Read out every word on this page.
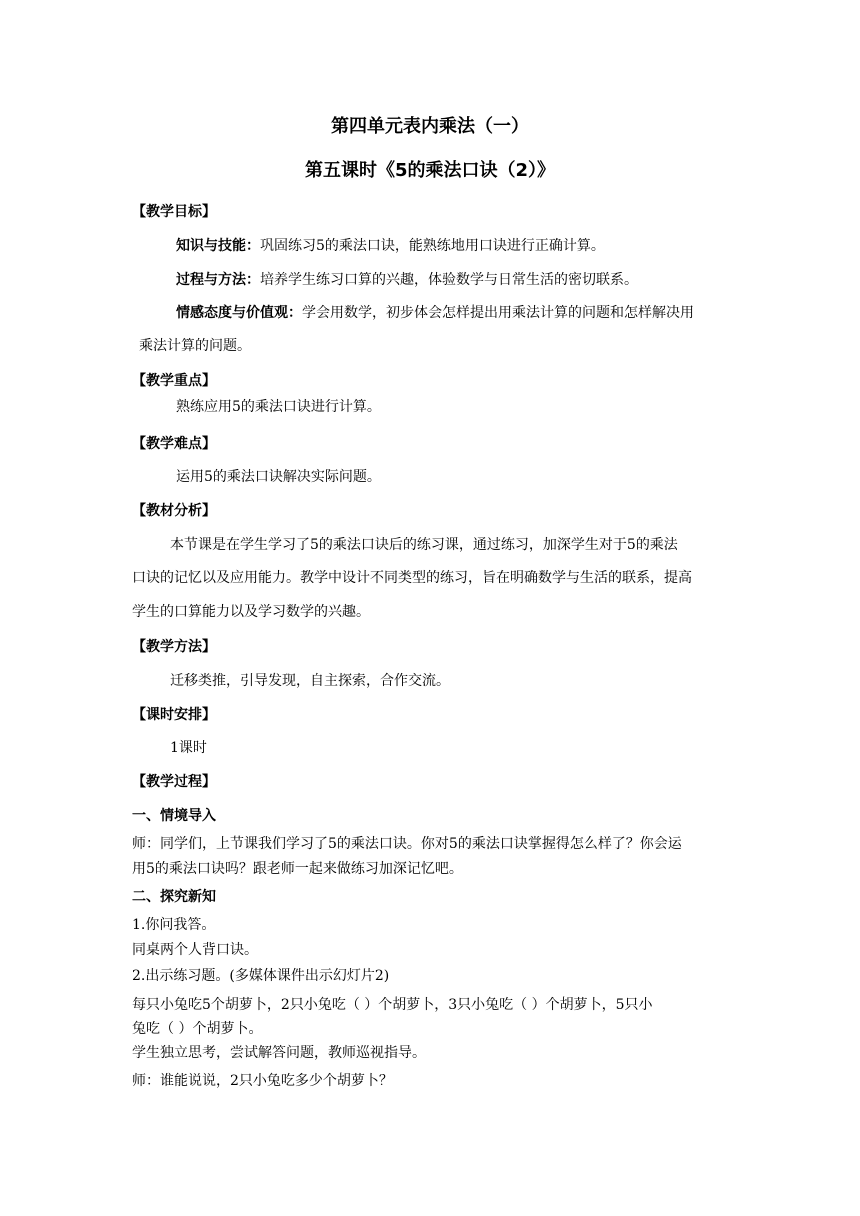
第四单元表内乘法（一）
第五课时《5的乘法口诀（2）》
【教学目标】
知识与技能：巩固练习5的乘法口诀，能熟练地用口诀进行正确计算。
过程与方法：培养学生练习口算的兴趣，体验数学与日常生活的密切联系。
情感态度与价值观：学会用数学，初步体会怎样提出用乘法计算的问题和怎样解决用
乘法计算的问题。
【教学重点】
熟练应用5的乘法口诀进行计算。
【教学难点】
运用5的乘法口诀解决实际问题。
【教材分析】
本节课是在学生学习了5的乘法口诀后的练习课，通过练习，加深学生对于5的乘法
口诀的记忆以及应用能力。教学中设计不同类型的练习，旨在明确数学与生活的联系，提高
学生的口算能力以及学习数学的兴趣。
【教学方法】
迁移类推，引导发现，自主探索，合作交流。
【课时安排】
1课时
【教学过程】
一、情境导入
师：同学们，上节课我们学习了5的乘法口诀。你对5的乘法口诀掌握得怎么样了？你会运
用5的乘法口诀吗？跟老师一起来做练习加深记忆吧。
二、探究新知
1.你问我答。
同桌两个人背口诀。
2.出示练习题。(多媒体课件出示幻灯片2)
每只小兔吃5个胡萝卜，2只小兔吃（ ）个胡萝卜，3只小兔吃（ ）个胡萝卜，5只小
兔吃（ ）个胡萝卜。
学生独立思考，尝试解答问题，教师巡视指导。
师：谁能说说，2只小兔吃多少个胡萝卜？
